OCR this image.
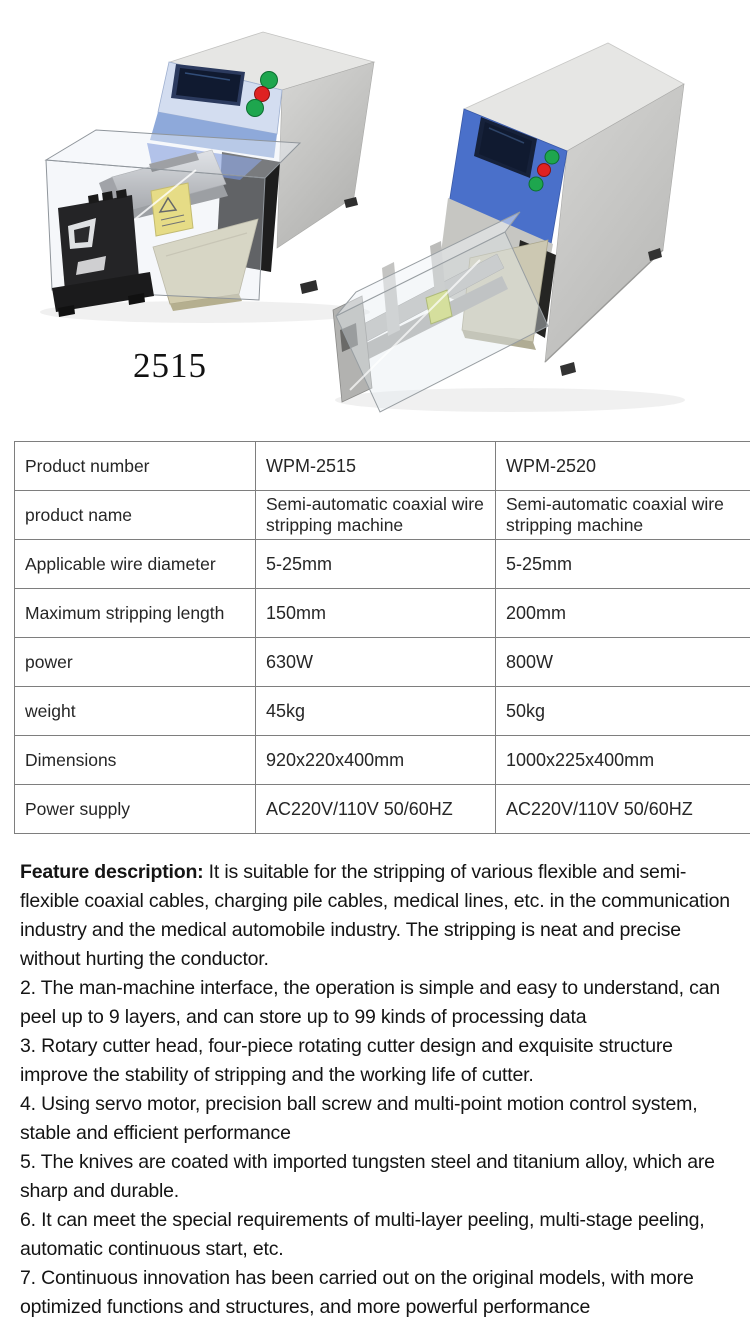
2515
Product number	WPM-2515	WPM-2520
product name	Semi-automatic coaxial wire stripping machine	Semi-automatic coaxial wire stripping machine
Applicable wire diameter	5-25mm	5-25mm
Maximum stripping length	150mm	200mm
power	630W	800W
weight	45kg	50kg
Dimensions	920x220x400mm	1000x225x400mm
Power supply	AC220V/110V 50/60HZ	AC220V/110V 50/60HZ

Feature description: It is suitable for the stripping of various flexible and semi-flexible coaxial cables, charging pile cables, medical lines, etc. in the communication industry and the medical automobile industry. The stripping is neat and precise without hurting the conductor.

2. The man-machine interface, the operation is simple and easy to understand, can peel up to 9 layers, and can store up to 99 kinds of processing data

3. Rotary cutter head, four-piece rotating cutter design and exquisite structure improve the stability of stripping and the working life of cutter.

4. Using servo motor, precision ball screw and multi-point motion control system, stable and efficient performance

5. The knives are coated with imported tungsten steel and titanium alloy, which are sharp and durable.

6. It can meet the special requirements of multi-layer peeling, multi-stage peeling, automatic continuous start, etc.

7. Continuous innovation has been carried out on the original models, with more optimized functions and structures, and more powerful performance
